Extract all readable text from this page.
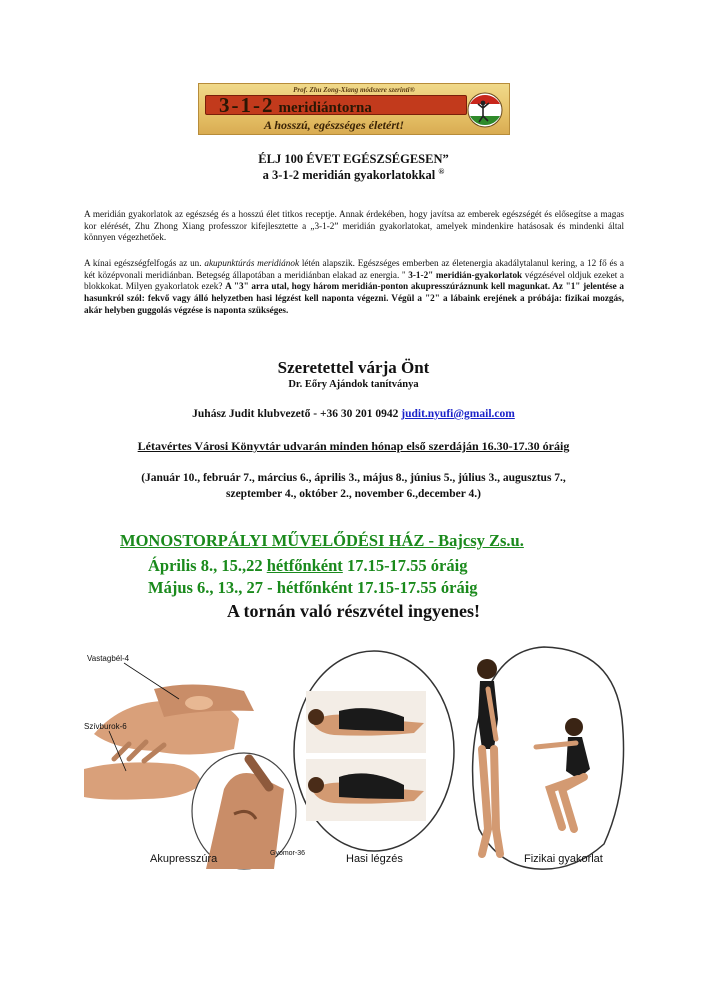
Prof. Zhu Zong-Xiang módszere szerinti®
3-1-2 meridiántorna
A hosszú, egészséges életért!
ÉLJ 100 ÉVET EGÉSZSÉGESEN”
a 3-1-2 meridián gyakorlatokkal ®

A meridián gyakorlatok az egészség és a hosszú élet titkos receptje. Annak érdekében, hogy javítsa az emberek egészségét és elősegítse a magas kor elérését, Zhu Zhong Xiang professzor kifejlesztette a „3-1-2” meridián gyakorlatokat, amelyek mindenkire hatásosak és mindenki által könnyen végezhetőek.

A kínai egészségfelfogás az un. akupunktúrás meridiánok létén alapszik. Egészséges emberben az életenergia akadálytalanul kering, a 12 fő és a két középvonali meridiánban. Betegség állapotában a meridiánban elakad az energia. " 3-1-2" meridián-gyakorlatok végzésével oldjuk ezeket a blokkokat. Milyen gyakorlatok ezek? A "3" arra utal, hogy három meridián-ponton akupresszúráznunk kell magunkat. Az "1" jelentése a hasunkról szól: fekvő vagy álló helyzetben hasi légzést kell naponta végezni. Végül a "2" a lábaink erejének a próbája: fizikai mozgás, akár helyben guggolás végzése is naponta szükséges.

Szeretettel várja Önt
Dr. Eőry Ajándok tanítványa
Juhász Judit klubvezető - +36 30 201 0942 judit.nyufi@gmail.com
Létavértes Városi Könyvtár udvarán minden hónap első szerdáján 16.30-17.30 óráig
(Január 10., február 7., március 6., április 3., május 8., június 5., július 3., augusztus 7.,
szeptember 4., október 2., november 6.,december 4.)
MONOSTORPÁLYI MŰVELŐDÉSI HÁZ - Bajcsy Zs.u.
Április 8., 15.,22 hétfőnként 17.15-17.55 óráig
Május 6., 13., 27 - hétfőnként 17.15-17.55 óráig
A tornán való részvétel ingyenes!
Vastagbél-4
Szívburok-6
Gyomor-36
Akupresszúra	Hasi légzés	Fizikai gyakorlat
